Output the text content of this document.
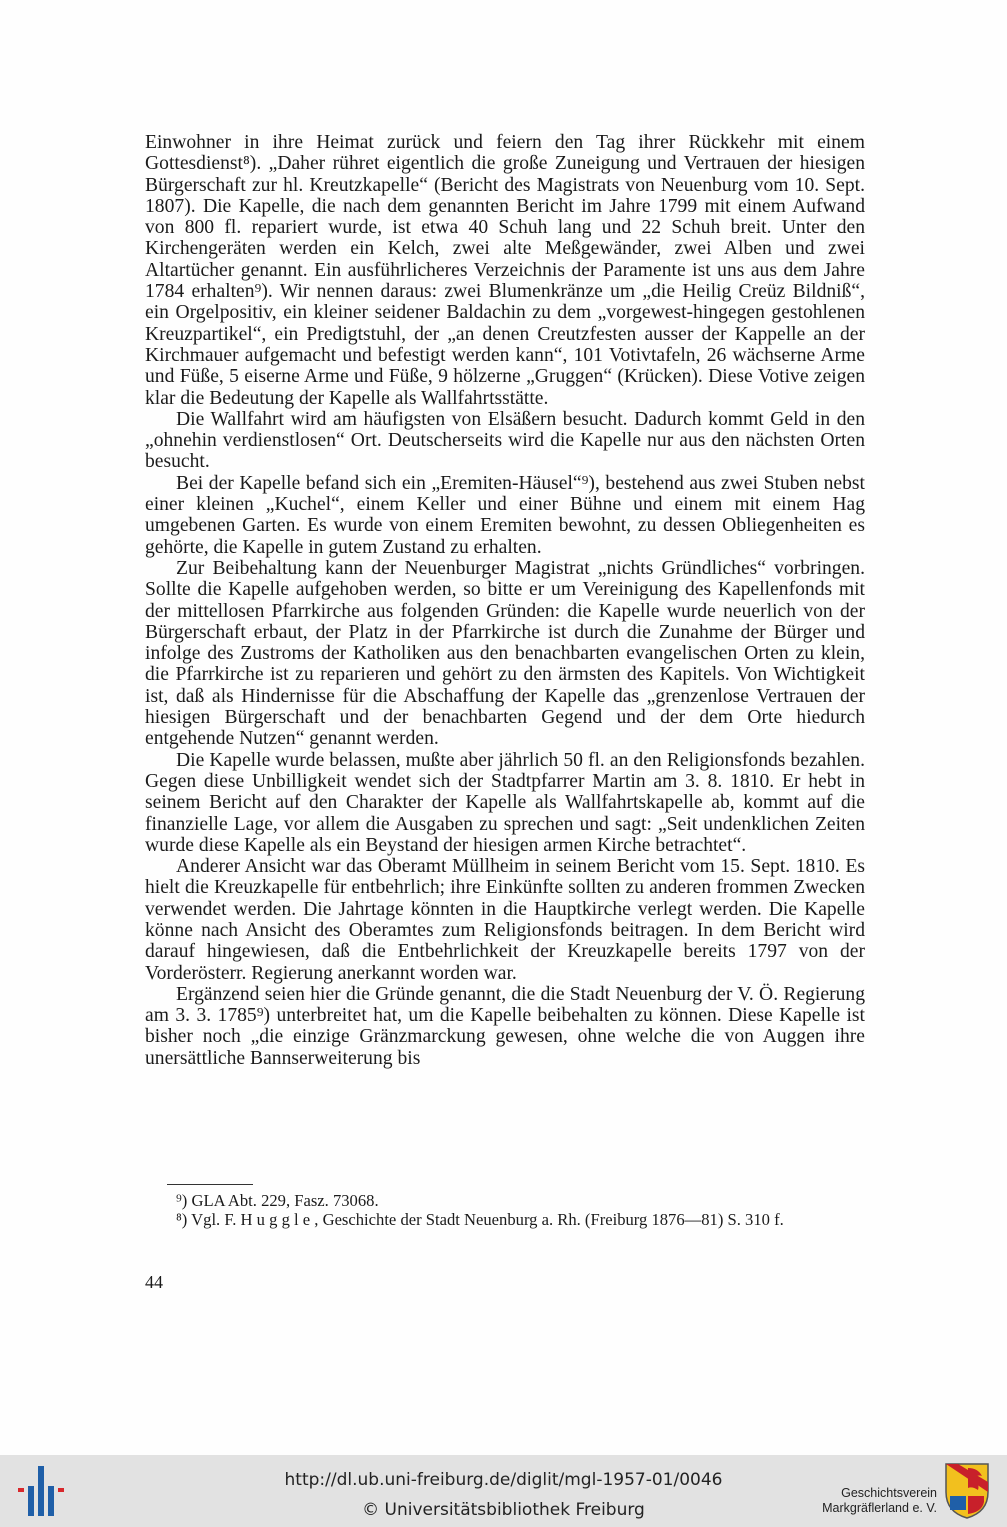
Einwohner in ihre Heimat zurück und feiern den Tag ihrer Rückkehr mit einem Gottesdienst⁸). „Daher rühret eigentlich die große Zuneigung und Vertrauen der hiesigen Bürgerschaft zur hl. Kreutzkapelle“ (Bericht des Magistrats von Neuenburg vom 10. Sept. 1807). Die Kapelle, die nach dem genannten Bericht im Jahre 1799 mit einem Aufwand von 800 fl. repariert wurde, ist etwa 40 Schuh lang und 22 Schuh breit. Unter den Kirchengeräten werden ein Kelch, zwei alte Meßgewänder, zwei Alben und zwei Altartücher genannt. Ein ausführlicheres Verzeichnis der Paramente ist uns aus dem Jahre 1784 erhalten⁹). Wir nennen daraus: zwei Blumenkränze um „die Heilig Creüz Bildniß“, ein Orgelpositiv, ein kleiner seidener Baldachin zu dem „vorgewest-hingegen gestohlenen Kreuzpartikel“, ein Predigtstuhl, der „an denen Creutzfesten ausser der Kappelle an der Kirchmauer aufgemacht und befestigt werden kann“, 101 Votivtafeln, 26 wächserne Arme und Füße, 5 eiserne Arme und Füße, 9 hölzerne „Gruggen“ (Krücken). Diese Votive zeigen klar die Bedeutung der Kapelle als Wallfahrtsstätte.

Die Wallfahrt wird am häufigsten von Elsäßern besucht. Dadurch kommt Geld in den „ohnehin verdienstlosen“ Ort. Deutscherseits wird die Kapelle nur aus den nächsten Orten besucht.

Bei der Kapelle befand sich ein „Eremiten-Häusel“⁹), bestehend aus zwei Stuben nebst einer kleinen „Kuchel“, einem Keller und einer Bühne und einem mit einem Hag umgebenen Garten. Es wurde von einem Eremiten bewohnt, zu dessen Obliegenheiten es gehörte, die Kapelle in gutem Zustand zu erhalten.

Zur Beibehaltung kann der Neuenburger Magistrat „nichts Gründliches“ vorbringen. Sollte die Kapelle aufgehoben werden, so bitte er um Vereinigung des Kapellenfonds mit der mittellosen Pfarrkirche aus folgenden Gründen: die Kapelle wurde neuerlich von der Bürgerschaft erbaut, der Platz in der Pfarrkirche ist durch die Zunahme der Bürger und infolge des Zustroms der Katholiken aus den benachbarten evangelischen Orten zu klein, die Pfarrkirche ist zu reparieren und gehört zu den ärmsten des Kapitels. Von Wichtigkeit ist, daß als Hindernisse für die Abschaffung der Kapelle das „grenzenlose Vertrauen der hiesigen Bürgerschaft und der benachbarten Gegend und der dem Orte hiedurch entgehende Nutzen“ genannt werden.

Die Kapelle wurde belassen, mußte aber jährlich 50 fl. an den Religionsfonds bezahlen. Gegen diese Unbilligkeit wendet sich der Stadtpfarrer Martin am 3. 8. 1810. Er hebt in seinem Bericht auf den Charakter der Kapelle als Wallfahrtskapelle ab, kommt auf die finanzielle Lage, vor allem die Ausgaben zu sprechen und sagt: „Seit undenklichen Zeiten wurde diese Kapelle als ein Beystand der hiesigen armen Kirche betrachtet“.

Anderer Ansicht war das Oberamt Müllheim in seinem Bericht vom 15. Sept. 1810. Es hielt die Kreuzkapelle für entbehrlich; ihre Einkünfte sollten zu anderen frommen Zwecken verwendet werden. Die Jahrtage könnten in die Hauptkirche verlegt werden. Die Kapelle könne nach Ansicht des Oberamtes zum Religionsfonds beitragen. In dem Bericht wird darauf hingewiesen, daß die Entbehrlichkeit der Kreuzkapelle bereits 1797 von der Vorderösterr. Regierung anerkannt worden war.

Ergänzend seien hier die Gründe genannt, die die Stadt Neuenburg der V. Ö. Regierung am 3. 3. 1785⁹) unterbreitet hat, um die Kapelle beibehalten zu können. Diese Kapelle ist bisher noch „die einzige Gränzmarckung gewesen, ohne welche die von Auggen ihre unersättliche Bannserweiterung bis

⁹) GLA Abt. 229, Fasz. 73068.

⁸) Vgl. F. H u g g l e , Geschichte der Stadt Neuenburg a. Rh. (Freiburg 1876—81) S. 310 f.

44
http://dl.ub.uni-freiburg.de/diglit/mgl-1957-01/0046
© Universitätsbibliothek Freiburg
Geschichtsverein
Markgräflerland e. V.
